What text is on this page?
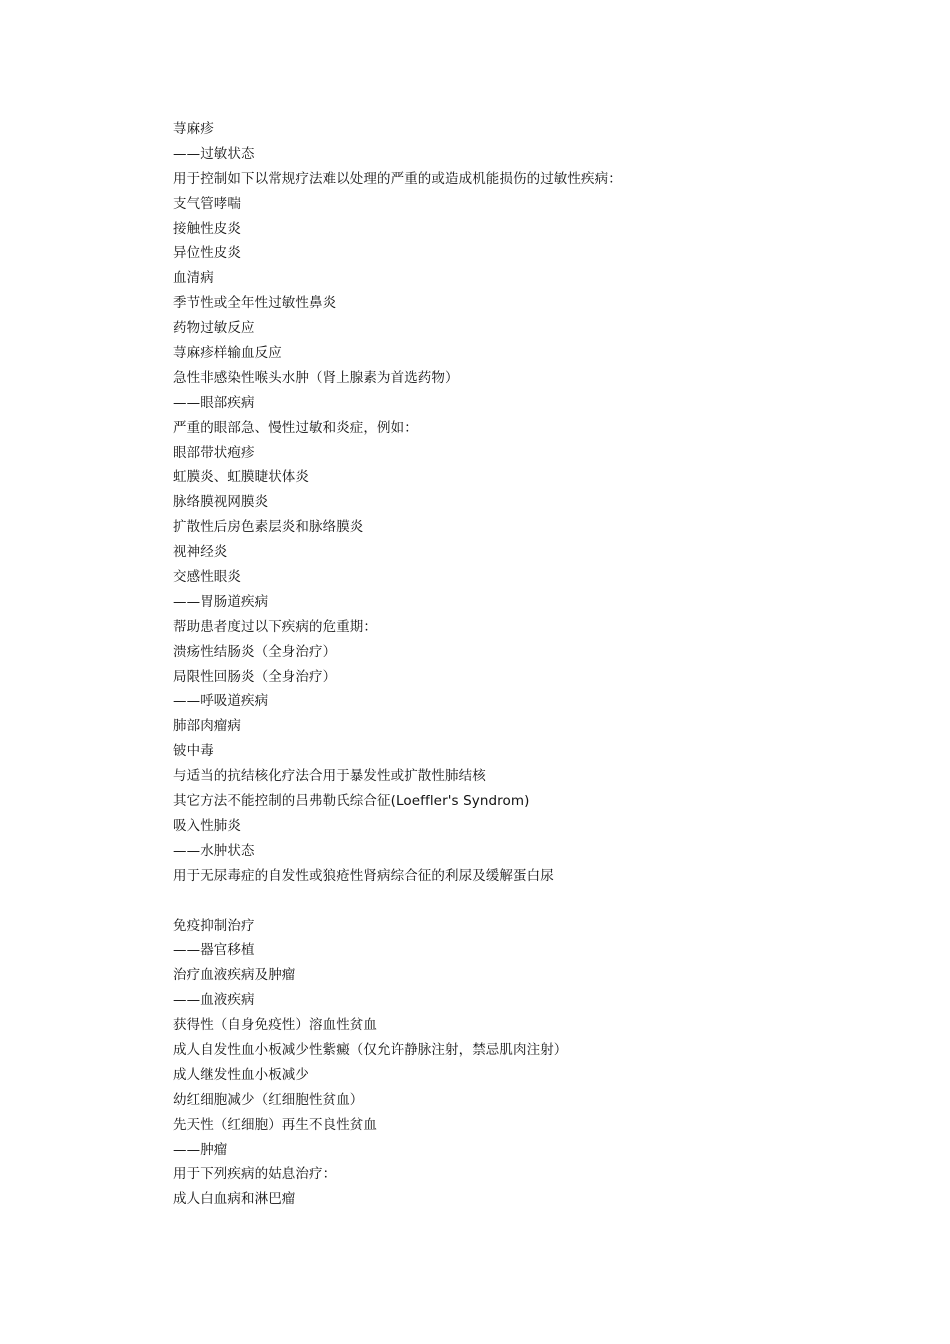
荨麻疹
——过敏状态
用于控制如下以常规疗法难以处理的严重的或造成机能损伤的过敏性疾病：
支气管哮喘
接触性皮炎
异位性皮炎
血清病
季节性或全年性过敏性鼻炎
药物过敏反应
荨麻疹样输血反应
急性非感染性喉头水肿（肾上腺素为首选药物）
——眼部疾病
严重的眼部急、慢性过敏和炎症，例如：
眼部带状疱疹
虹膜炎、虹膜睫状体炎
脉络膜视网膜炎
扩散性后房色素层炎和脉络膜炎
视神经炎
交感性眼炎
——胃肠道疾病
帮助患者度过以下疾病的危重期：
溃疡性结肠炎（全身治疗）
局限性回肠炎（全身治疗）
——呼吸道疾病
肺部肉瘤病
铍中毒
与适当的抗结核化疗法合用于暴发性或扩散性肺结核
其它方法不能控制的吕弗勒氏综合征(Loeffler's Syndrom)
吸入性肺炎
——水肿状态
用于无尿毒症的自发性或狼疮性肾病综合征的利尿及缓解蛋白尿
免疫抑制治疗
——器官移植
治疗血液疾病及肿瘤
——血液疾病
获得性（自身免疫性）溶血性贫血
成人自发性血小板减少性紫癜（仅允许静脉注射，禁忌肌肉注射）
成人继发性血小板减少
幼红细胞减少（红细胞性贫血）
先天性（红细胞）再生不良性贫血
——肿瘤
用于下列疾病的姑息治疗：
成人白血病和淋巴瘤
